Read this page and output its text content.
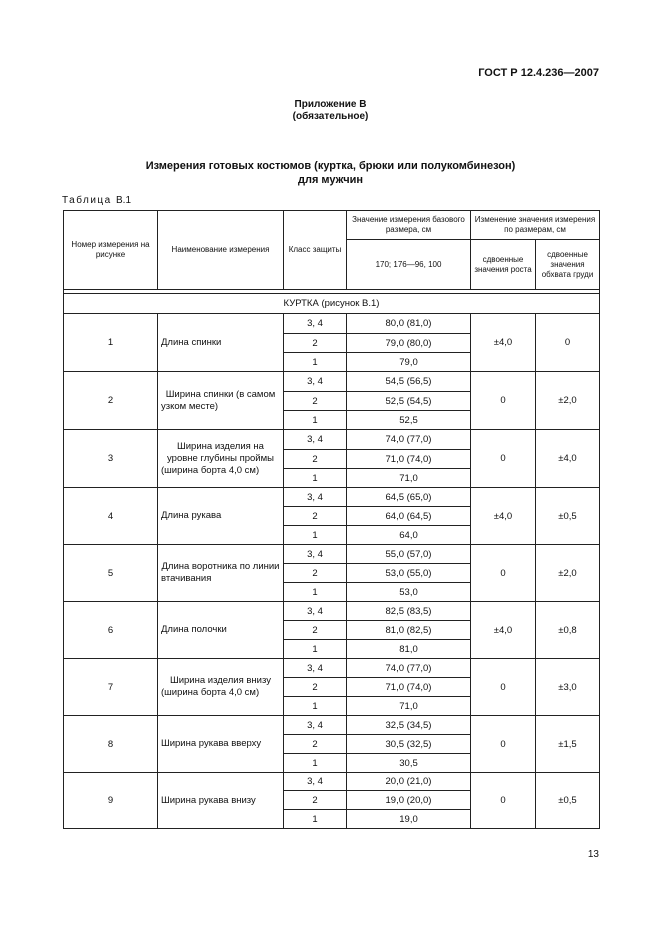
ГОСТ Р 12.4.236—2007
Приложение В
(обязательное)
Измерения готовых костюмов (куртка, брюки или полукомбинезон)
для мужчин
Таблица В.1
Номер измерения на рисунке	Наименование измерения	Класс защиты	Значение измерения базового размера, см	Изменение значения измерения по размерам, см	
			170; 176—96, 100	сдвоенные значения роста	сдвоенные значения обхвата груди

КУРТКА (рисунок В.1)					
1	Длина спинки	3, 4	80,0 (81,0)	±4,0	0
		2	79,0 (80,0)		
		1	79,0		
2	Ширина спинки (в самом узком месте)	3, 4	54,5 (56,5)	0	±2,0
		2	52,5 (54,5)		
		1	52,5		
3	Ширина изделия на уровне глубины проймы (ширина борта 4,0 см)	3, 4	74,0 (77,0)	0	±4,0
		2	71,0 (74,0)		
		1	71,0		
4	Длина рукава	3, 4	64,5 (65,0)	±4,0	±0,5
		2	64,0 (64,5)		
		1	64,0		
5	Длина воротника по линии втачивания	3, 4	55,0 (57,0)	0	±2,0
		2	53,0 (55,0)		
		1	53,0		
6	Длина полочки	3, 4	82,5 (83,5)	±4,0	±0,8
		2	81,0 (82,5)		
		1	81,0		
7	Ширина изделия внизу (ширина борта 4,0 см)	3, 4	74,0 (77,0)	0	±3,0
		2	71,0 (74,0)		
		1	71,0		
8	Ширина рукава вверху	3, 4	32,5 (34,5)	0	±1,5
		2	30,5 (32,5)		
		1	30,5		
9	Ширина рукава внизу	3, 4	20,0 (21,0)	0	±0,5
		2	19,0 (20,0)		
		1	19,0		
13
